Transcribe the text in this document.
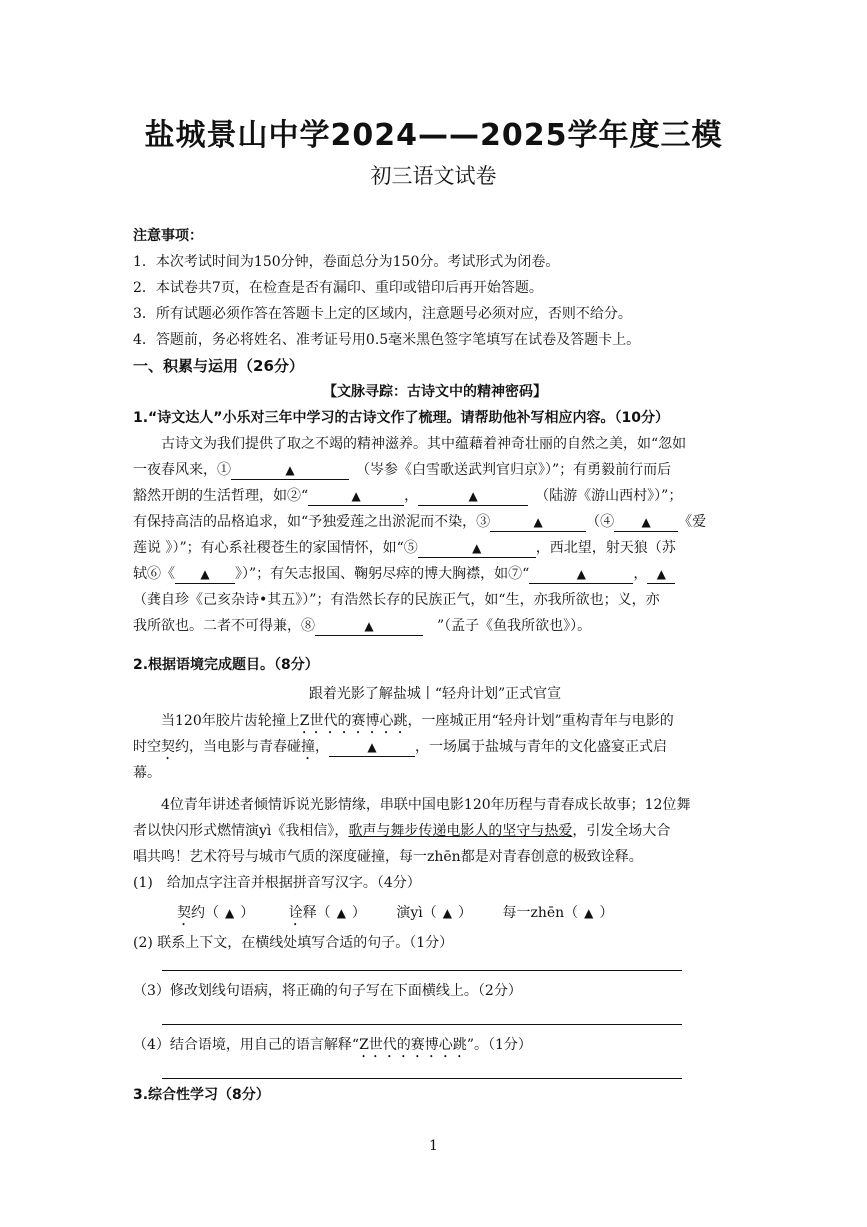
盐城景山中学2024——2025学年度三模
初三语文试卷
注意事项：
1．本次考试时间为150分钟，卷面总分为150分。考试形式为闭卷。
2．本试卷共7页，在检查是否有漏印、重印或错印后再开始答题。
3．所有试题必须作答在答题卡上定的区域内，注意题号必须对应，否则不给分。
4．答题前，务必将姓名、准考证号用0.5毫米黑色签字笔填写在试卷及答题卡上。
一、积累与运用（26分）
【文脉寻踪：古诗文中的精神密码】
1.“诗文达人”小乐对三年中学习的古诗文作了梳理。请帮助他补写相应内容。（10分）
古诗文为我们提供了取之不竭的精神滋养。其中蕴藉着神奇壮丽的自然之美，如“忽如
一夜春风来，①	▲　	（岑参《白雪歌送武判官归京》）”；有勇毅前行而后
豁然开朗的生活哲理，如②“	▲	，	▲　	（陆游《游山西村》）”；
有保持高洁的品格追求，如“予独爱莲之出淤泥而不染，③	▲	（④ ▲ 《爱
莲说 》）”；有心系社稷苍生的家国情怀，如“⑤	▲	，西北望，射天狼（苏
轼⑥《 ▲ 》）”；有矢志报国、鞠躬尽瘁的博大胸襟，如⑦“	▲	， ▲
（龚自珍《己亥杂诗•其五》）”；有浩然长存的民族正气，如“生，亦我所欲也；义，亦
我所欲也。二者不可得兼，⑧	▲　	”（孟子《鱼我所欲也》）。
2.根据语境完成题目。（8分）
跟着光影了解盐城丨“轻舟计划”正式官宣
当120年胶片齿轮撞上Z世代的赛博心跳，一座城正用“轻舟计划”重构青年与电影的
时空契约，当电影与青春碰撞，	▲	，一场属于盐城与青年的文化盛宴正式启
幕。
4位青年讲述者倾情诉说光影情缘，串联中国电影120年历程与青春成长故事；12位舞
者以快闪形式燃情演yì《我相信》，歌声与舞步传递电影人的坚守与热爱，引发全场大合
唱共鸣！艺术符号与城市气质的深度碰撞，每一zhēn都是对青春创意的极致诠释。
(1)　给加点字注音并根据拼音写汉字。（4分）
契约（ ▲ ） 诠释（ ▲ ） 演yì（ ▲ ） 每一zhēn（ ▲ ）
(2) 联系上下文，在横线处填写合适的句子。（1分）
（3）修改划线句语病，将正确的句子写在下面横线上。（2分）
（4）结合语境，用自己的语言解释“Z世代的赛博心跳”。（1分）
3.综合性学习（8分）
1
